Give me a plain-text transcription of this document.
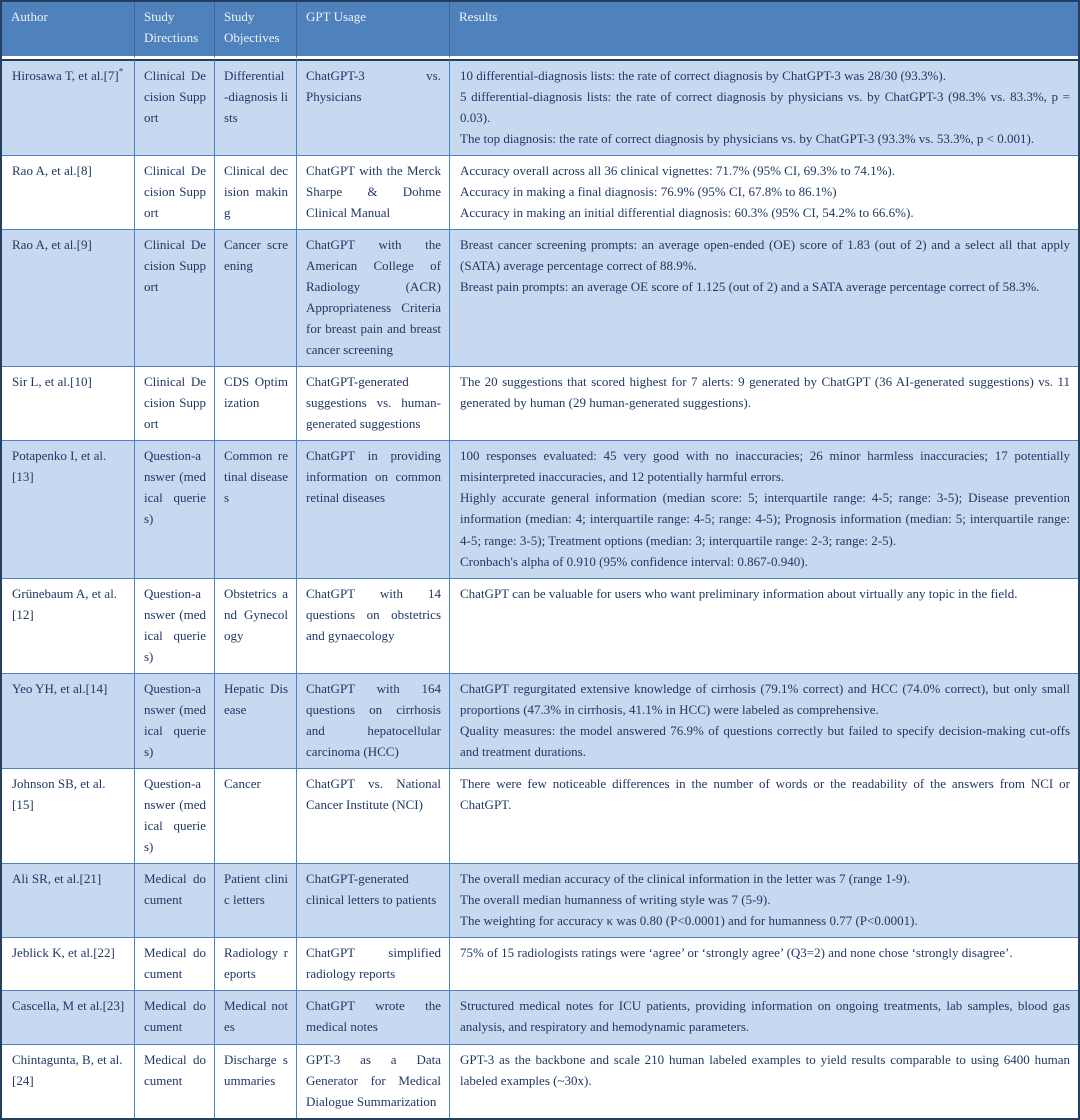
Author	Study Directions	Study Objectives	GPT Usage	Results
Hirosawa T, et al.[7]*	Clinical Decision Support	Differential-diagnosis lists	ChatGPT-3 vs. Physicians	10 differential-diagnosis lists: the rate of correct diagnosis by ChatGPT-3 was 28/30 (93.3%).

5 differential-diagnosis lists: the rate of correct diagnosis by physicians vs. by ChatGPT-3 (98.3% vs. 83.3%, p = 0.03).

The top diagnosis: the rate of correct diagnosis by physicians vs. by ChatGPT-3 (93.3% vs. 53.3%, p < 0.001).

Rao A, et al.[8]	Clinical Decision Support	Clinical decision making	ChatGPT with the Merck Sharpe & Dohme Clinical Manual	Accuracy overall across all 36 clinical vignettes: 71.7% (95% CI, 69.3% to 74.1%).

Accuracy in making a final diagnosis: 76.9% (95% CI, 67.8% to 86.1%)

Accuracy in making an initial differential diagnosis: 60.3% (95% CI, 54.2% to 66.6%).

Rao A, et al.[9]	Clinical Decision Support	Cancer screening	ChatGPT with the American College of Radiology (ACR) Appropriateness Criteria for breast pain and breast cancer screening	Breast cancer screening prompts: an average open-ended (OE) score of 1.83 (out of 2) and a select all that apply (SATA) average percentage correct of 88.9%.

Breast pain prompts: an average OE score of 1.125 (out of 2) and a SATA average percentage correct of 58.3%.

Sir L, et al.[10]	Clinical Decision Support	CDS Optimization	ChatGPT-generated suggestions vs. human-generated suggestions	The 20 suggestions that scored highest for 7 alerts: 9 generated by ChatGPT (36 AI-generated suggestions) vs. 11 generated by human (29 human-generated suggestions).

Potapenko I, et al.[13]	Question-answer (medical queries)	Common retinal diseases	ChatGPT in providing information on common retinal diseases	100 responses evaluated: 45 very good with no inaccuracies; 26 minor harmless inaccuracies; 17 potentially misinterpreted inaccuracies, and 12 potentially harmful errors.

Highly accurate general information (median score: 5; interquartile range: 4-5; range: 3-5); Disease prevention information (median: 4; interquartile range: 4-5; range: 4-5); Prognosis information (median: 5; interquartile range: 4-5; range: 3-5); Treatment options (median: 3; interquartile range: 2-3; range: 2-5).

Cronbach's alpha of 0.910 (95% confidence interval: 0.867-0.940).

Grünebaum A, et al.[12]	Question-answer (medical queries)	Obstetrics and Gynecology	ChatGPT with 14 questions on obstetrics and gynaecology	ChatGPT can be valuable for users who want preliminary information about virtually any topic in the field.

Yeo YH, et al.[14]	Question-answer (medical queries)	Hepatic Disease	ChatGPT with 164 questions on cirrhosis and hepatocellular carcinoma (HCC)	ChatGPT regurgitated extensive knowledge of cirrhosis (79.1% correct) and HCC (74.0% correct), but only small proportions (47.3% in cirrhosis, 41.1% in HCC) were labeled as comprehensive.

Quality measures: the model answered 76.9% of questions correctly but failed to specify decision-making cut-offs and treatment durations.

Johnson SB, et al.[15]	Question-answer (medical queries)	Cancer	ChatGPT vs. National Cancer Institute (NCI)	There were few noticeable differences in the number of words or the readability of the answers from NCI or ChatGPT.

Ali SR, et al.[21]	Medical document	Patient clinic letters	ChatGPT-generated clinical letters to patients	The overall median accuracy of the clinical information in the letter was 7 (range 1-9).

The overall median humanness of writing style was 7 (5-9).

The weighting for accuracy κ was 0.80 (P<0.0001) and for humanness 0.77 (P<0.0001).

Jeblick K, et al.[22]	Medical document	Radiology reports	ChatGPT simplified radiology reports	75% of 15 radiologists ratings were ‘agree’ or ‘strongly agree’ (Q3=2) and none chose ‘strongly disagree’.

Cascella, M et al.[23]	Medical document	Medical notes	ChatGPT wrote the medical notes	Structured medical notes for ICU patients, providing information on ongoing treatments, lab samples, blood gas analysis, and respiratory and hemodynamic parameters.

Chintagunta, B, et al.[24]	Medical document	Discharge summaries	GPT-3 as a Data Generator for Medical Dialogue Summarization	GPT-3 as the backbone and scale 210 human labeled examples to yield results comparable to using 6400 human labeled examples (~30x).
